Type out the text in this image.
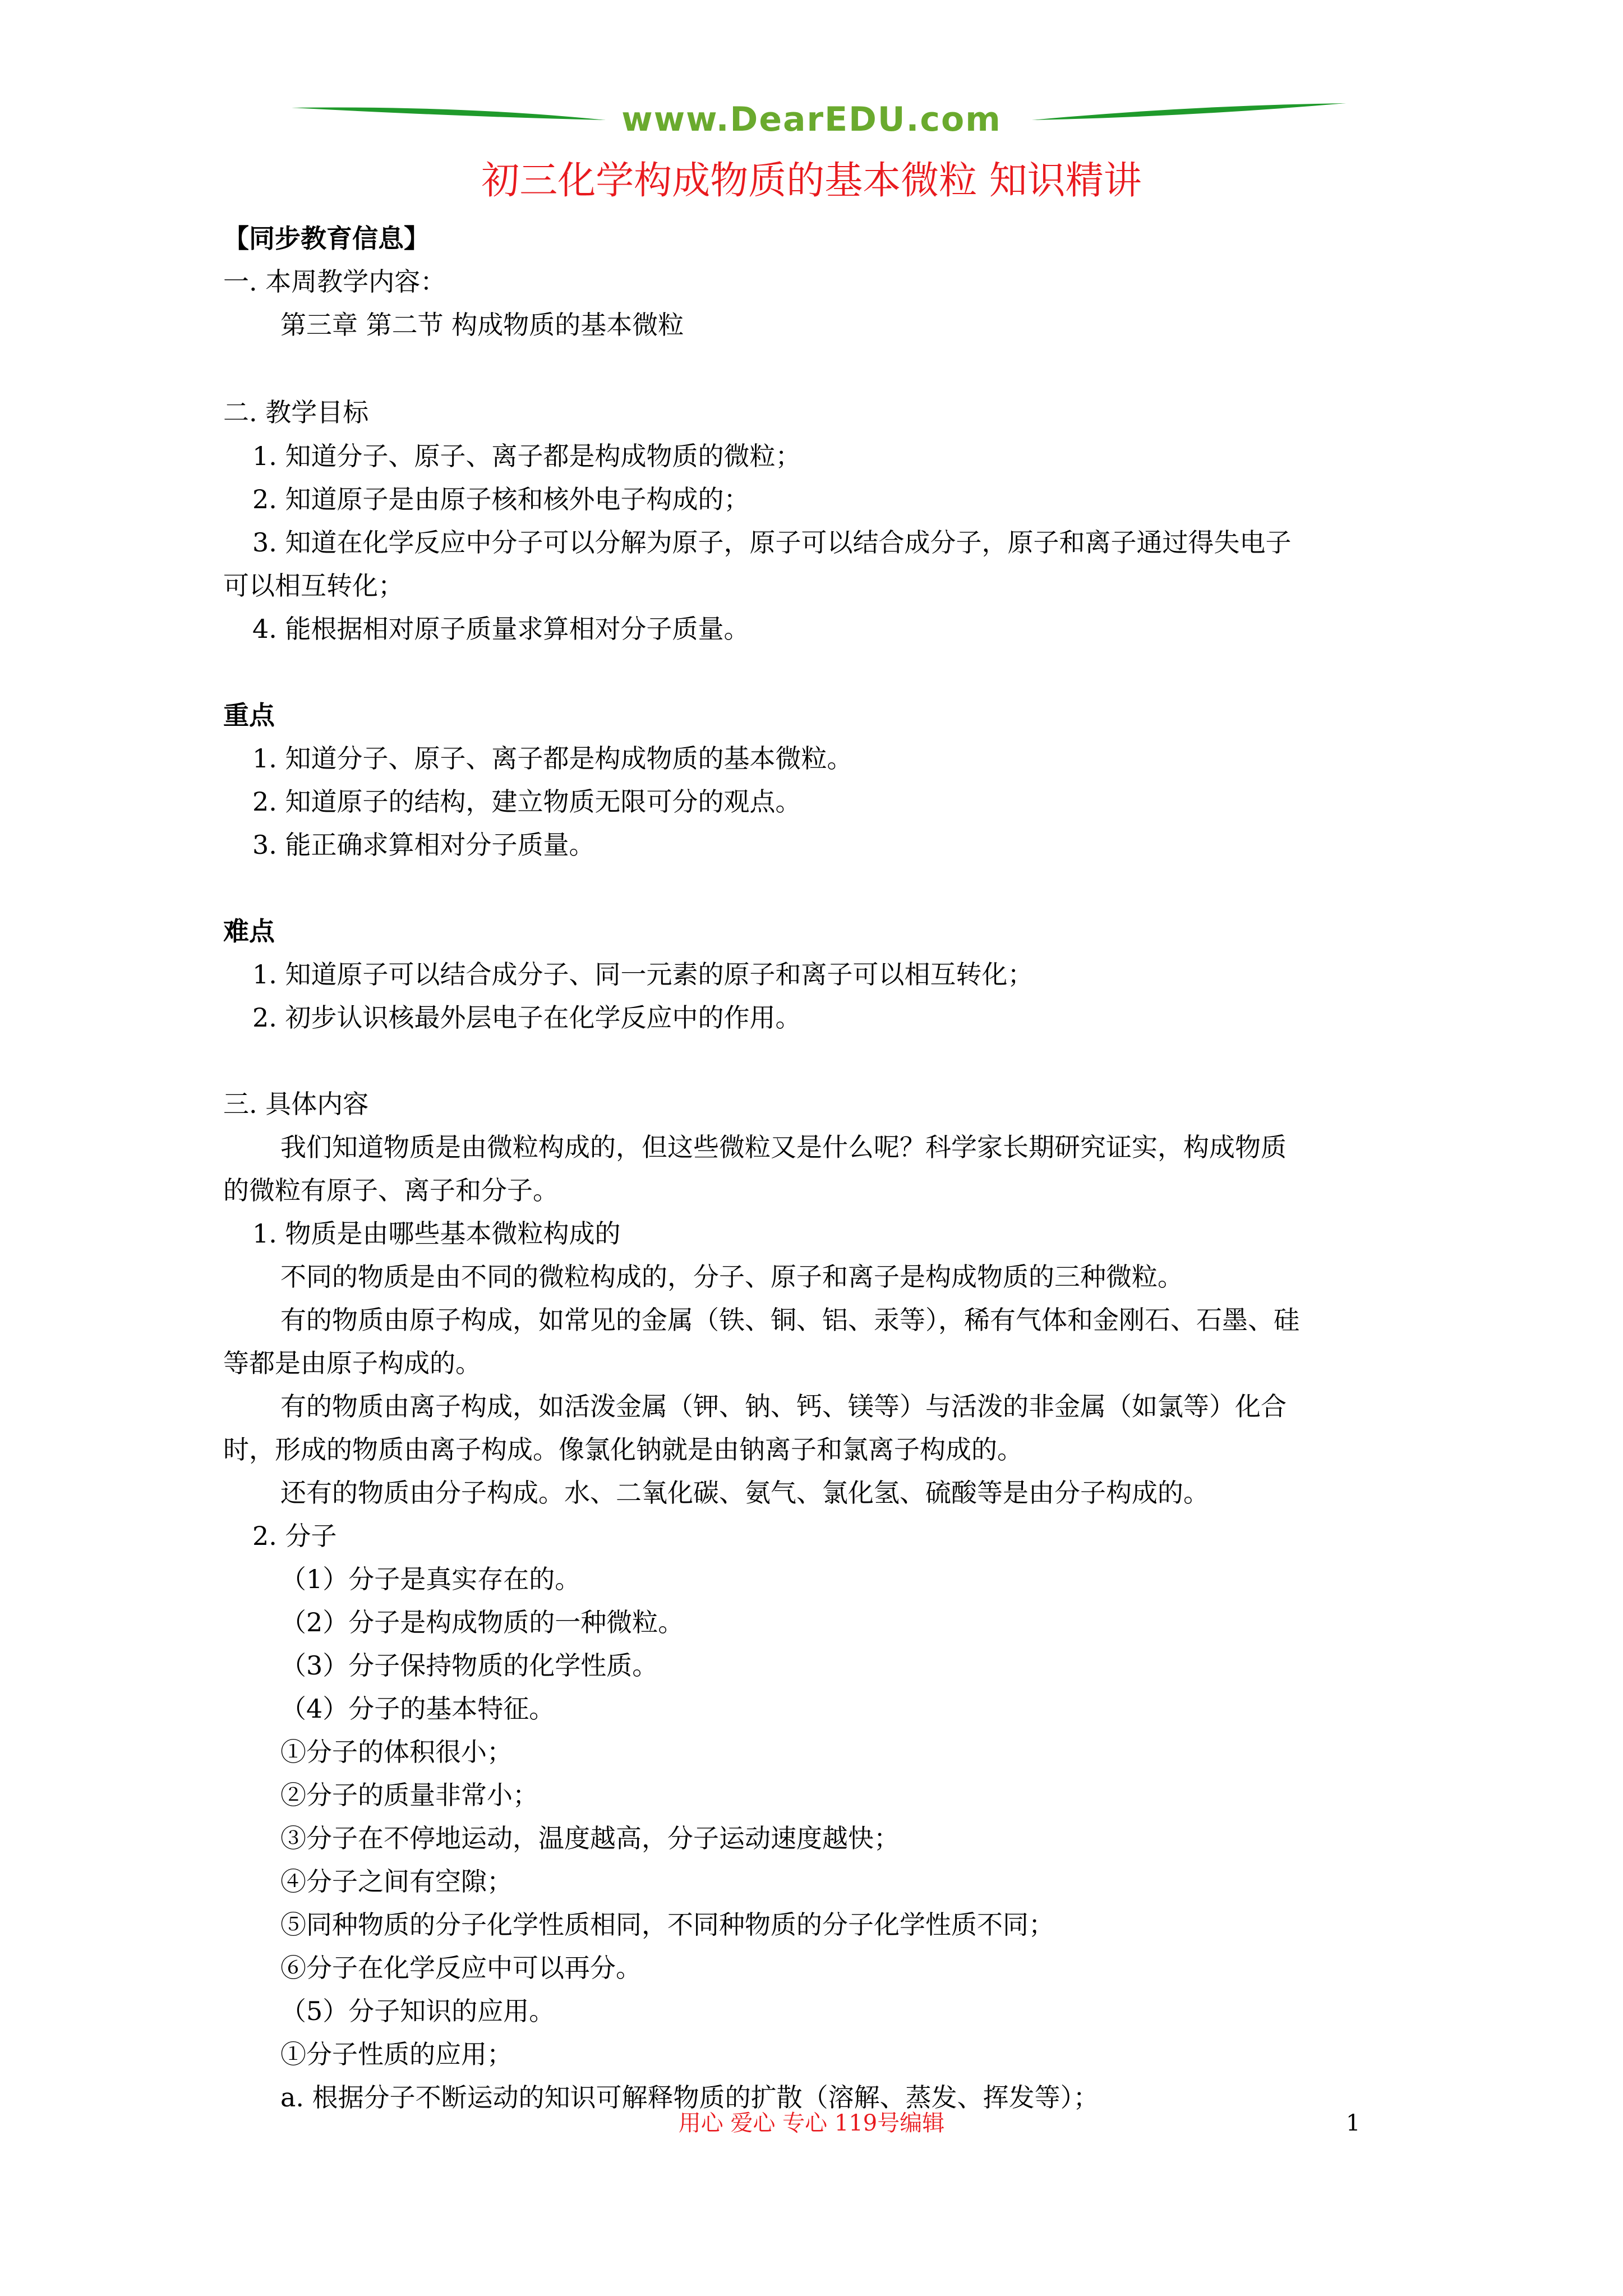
www.DearEDU.com
初三化学构成物质的基本微粒 知识精讲
【同步教育信息】
一. 本周教学内容：
第三章 第二节 构成物质的基本微粒
二. 教学目标
1. 知道分子、原子、离子都是构成物质的微粒；
2. 知道原子是由原子核和核外电子构成的；
3. 知道在化学反应中分子可以分解为原子，原子可以结合成分子，原子和离子通过得失电子
可以相互转化；
4. 能根据相对原子质量求算相对分子质量。
重点
1. 知道分子、原子、离子都是构成物质的基本微粒。
2. 知道原子的结构，建立物质无限可分的观点。
3. 能正确求算相对分子质量。
难点
1. 知道原子可以结合成分子、同一元素的原子和离子可以相互转化；
2. 初步认识核最外层电子在化学反应中的作用。
三. 具体内容
我们知道物质是由微粒构成的，但这些微粒又是什么呢？科学家长期研究证实，构成物质
的微粒有原子、离子和分子。
1. 物质是由哪些基本微粒构成的
不同的物质是由不同的微粒构成的，分子、原子和离子是构成物质的三种微粒。
有的物质由原子构成，如常见的金属（铁、铜、铝、汞等），稀有气体和金刚石、石墨、硅
等都是由原子构成的。
有的物质由离子构成，如活泼金属（钾、钠、钙、镁等）与活泼的非金属（如氯等）化合
时，形成的物质由离子构成。像氯化钠就是由钠离子和氯离子构成的。
还有的物质由分子构成。水、二氧化碳、氨气、氯化氢、硫酸等是由分子构成的。
2. 分子
（1）分子是真实存在的。
（2）分子是构成物质的一种微粒。
（3）分子保持物质的化学性质。
（4）分子的基本特征。
①分子的体积很小；
②分子的质量非常小；
③分子在不停地运动，温度越高，分子运动速度越快；
④分子之间有空隙；
⑤同种物质的分子化学性质相同，不同种物质的分子化学性质不同；
⑥分子在化学反应中可以再分。
（5）分子知识的应用。
①分子性质的应用；
a. 根据分子不断运动的知识可解释物质的扩散（溶解、蒸发、挥发等）；
用心 爱心 专心 119号编辑	1
